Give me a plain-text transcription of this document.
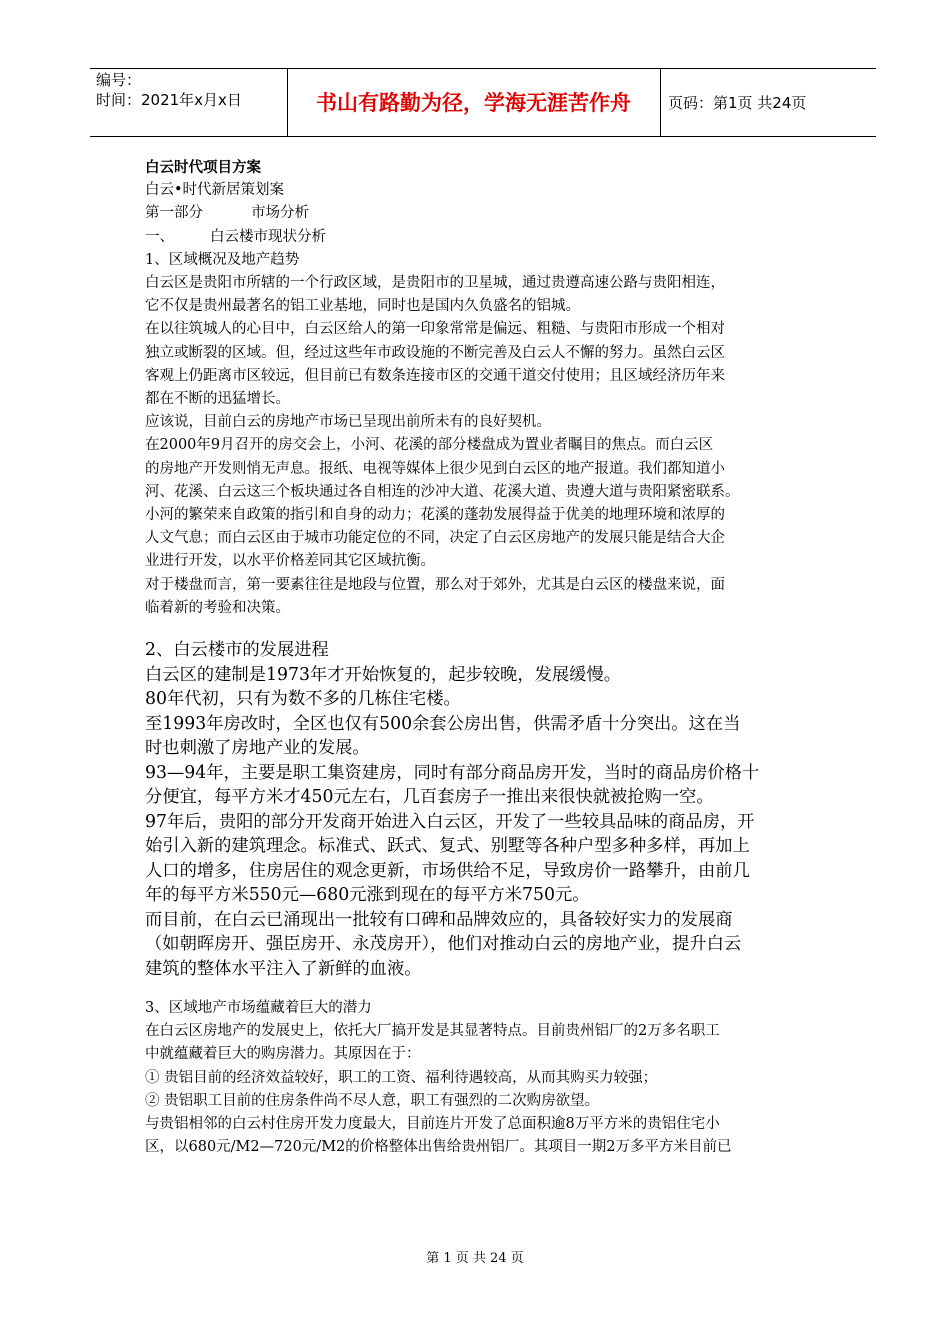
编号：
时间：2021年x月x日	书山有路勤为径，学海无涯苦作舟	页码：第1页 共24页

白云时代项目方案

白云•时代新居策划案

第一部分	市场分析

一、 白云楼市现状分析

1、区域概况及地产趋势

白云区是贵阳市所辖的一个行政区域，是贵阳市的卫星城，通过贵遵高速公路与贵阳相连，

它不仅是贵州最著名的铝工业基地，同时也是国内久负盛名的铝城。

在以往筑城人的心目中，白云区给人的第一印象常常是偏远、粗糙、与贵阳市形成一个相对

独立或断裂的区域。但，经过这些年市政设施的不断完善及白云人不懈的努力。虽然白云区

客观上仍距离市区较远，但目前已有数条连接市区的交通干道交付使用；且区域经济历年来

都在不断的迅猛增长。

应该说，目前白云的房地产市场已呈现出前所未有的良好契机。

在2000年9月召开的房交会上，小河、花溪的部分楼盘成为置业者瞩目的焦点。而白云区

的房地产开发则悄无声息。报纸、电视等媒体上很少见到白云区的地产报道。我们都知道小

河、花溪、白云这三个板块通过各自相连的沙冲大道、花溪大道、贵遵大道与贵阳紧密联系。

小河的繁荣来自政策的指引和自身的动力；花溪的蓬勃发展得益于优美的地理环境和浓厚的

人文气息；而白云区由于城市功能定位的不同，决定了白云区房地产的发展只能是结合大企

业进行开发，以水平价格差同其它区域抗衡。

对于楼盘而言，第一要素往往是地段与位置，那么对于郊外，尤其是白云区的楼盘来说，面

临着新的考验和决策。

2、白云楼市的发展进程

白云区的建制是1973年才开始恢复的，起步较晚，发展缓慢。

80年代初，只有为数不多的几栋住宅楼。

至1993年房改时，全区也仅有500余套公房出售，供需矛盾十分突出。这在当

时也刺激了房地产业的发展。

93—94年，主要是职工集资建房，同时有部分商品房开发，当时的商品房价格十

分便宜，每平方米才450元左右，几百套房子一推出来很快就被抢购一空。

97年后，贵阳的部分开发商开始进入白云区，开发了一些较具品味的商品房，开

始引入新的建筑理念。标准式、跃式、复式、别墅等各种户型多种多样，再加上

人口的增多，住房居住的观念更新，市场供给不足，导致房价一路攀升，由前几

年的每平方米550元—680元涨到现在的每平方米750元。

而目前，在白云已涌现出一批较有口碑和品牌效应的，具备较好实力的发展商

（如朝晖房开、强臣房开、永茂房开），他们对推动白云的房地产业，提升白云

建筑的整体水平注入了新鲜的血液。

3、区域地产市场蕴藏着巨大的潜力

在白云区房地产的发展史上，依托大厂搞开发是其显著特点。目前贵州铝厂的2万多名职工

中就蕴藏着巨大的购房潜力。其原因在于：

① 贵铝目前的经济效益较好，职工的工资、福利待遇较高，从而其购买力较强；

② 贵铝职工目前的住房条件尚不尽人意，职工有强烈的二次购房欲望。

与贵铝相邻的白云村住房开发力度最大，目前连片开发了总面积逾8万平方米的贵铝住宅小

区，以680元/M2—720元/M2的价格整体出售给贵州铝厂。其项目一期2万多平方米目前已

第 1 页 共 24 页
